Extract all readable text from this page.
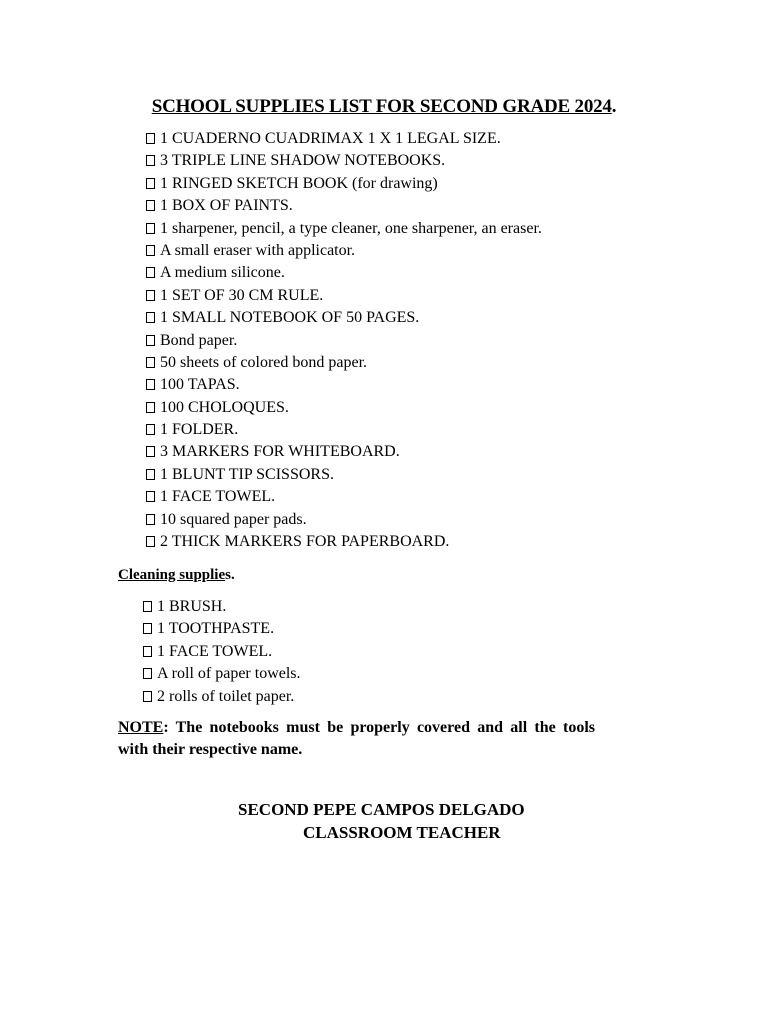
SCHOOL SUPPLIES LIST FOR SECOND GRADE 2024.
1 CUADERNO CUADRIMAX 1 X 1 LEGAL SIZE.
3 TRIPLE LINE SHADOW NOTEBOOKS.
1 RINGED SKETCH BOOK (for drawing)
1 BOX OF PAINTS.
1 sharpener, pencil, a type cleaner, one sharpener, an eraser.
A small eraser with applicator.
A medium silicone.
1 SET OF 30 CM RULE.
1 SMALL NOTEBOOK OF 50 PAGES.
Bond paper.
50 sheets of colored bond paper.
100 TAPAS.
100 CHOLOQUES.
1 FOLDER.
3 MARKERS FOR WHITEBOARD.
1 BLUNT TIP SCISSORS.
1 FACE TOWEL.
10 squared paper pads.
2 THICK MARKERS FOR PAPERBOARD.
Cleaning supplies.
1 BRUSH.
1 TOOTHPASTE.
1 FACE TOWEL.
A roll of paper towels.
2 rolls of toilet paper.
NOTE: The notebooks must be properly covered and all the tools with their respective name.
SECOND PEPE CAMPOS DELGADO
CLASSROOM TEACHER
